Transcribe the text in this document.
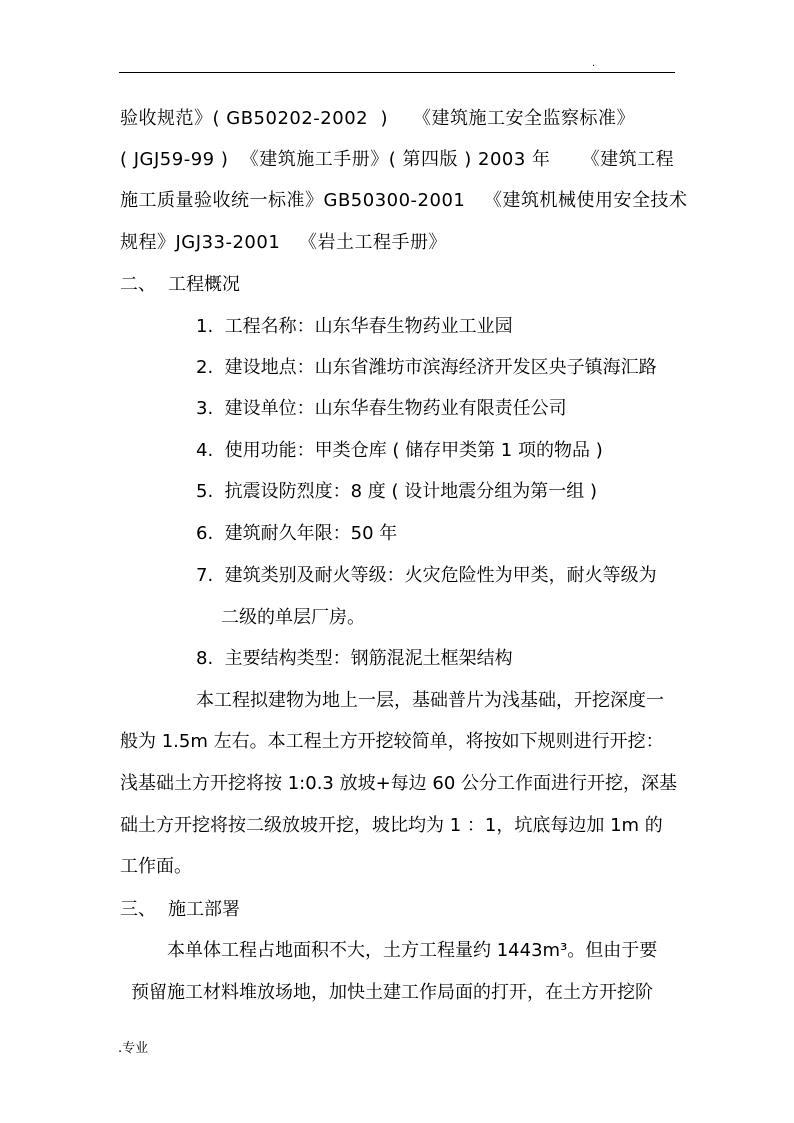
.
验收规范》( GB50202-2002  )    《建筑施工安全监察标准》
( JGJ59-99 )  《建筑施工手册》( 第四版 ) 2003 年     《建筑工程
施工质量验收统一标准》GB50300-2001   《建筑机械使用安全技术
规程》JGJ33-2001   《岩土工程手册》
二、 工程概况
1.  工程名称：山东华春生物药业工业园
2.  建设地点：山东省潍坊市滨海经济开发区央子镇海汇路
3.  建设单位：山东华春生物药业有限责任公司
4.  使用功能：甲类仓库 ( 储存甲类第 1 项的物品 )
5.  抗震设防烈度：8 度 ( 设计地震分组为第一组 )
6.  建筑耐久年限：50 年
7.  建筑类别及耐火等级：火灾危险性为甲类，耐火等级为
二级的单层厂房。
8.  主要结构类型：钢筋混泥土框架结构
本工程拟建物为地上一层，基础普片为浅基础，开挖深度一
般为 1.5m 左右。本工程土方开挖较简单，将按如下规则进行开挖：
浅基础土方开挖将按 1:0.3 放坡+每边 60 公分工作面进行开挖，深基
础土方开挖将按二级放坡开挖，坡比均为 1 ：1，坑底每边加 1m 的
工作面。
三、 施工部署
本单体工程占地面积不大，土方工程量约 1443m³。但由于要
预留施工材料堆放场地，加快土建工作局面的打开，在土方开挖阶
.专业
